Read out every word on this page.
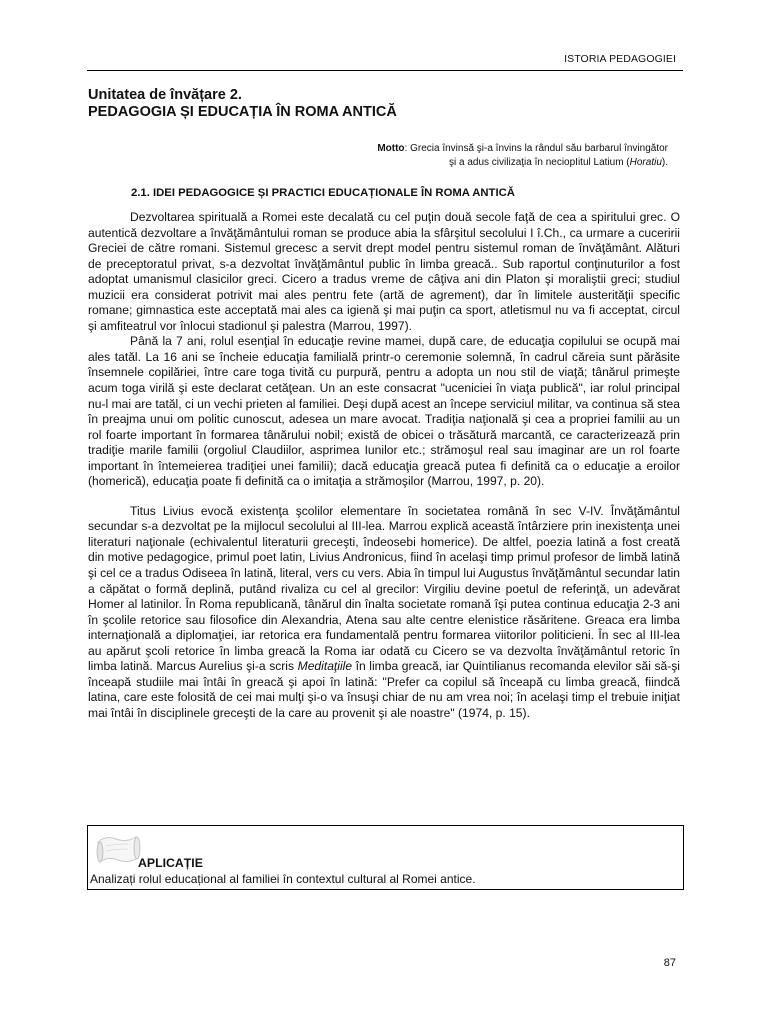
ISTORIA PEDAGOGIEI
Unitatea de învățare 2.
PEDAGOGIA ȘI EDUCAȚIA ÎN ROMA ANTICĂ
Motto: Grecia învinsă şi-a învins la rândul său barbarul învingător
şi a adus civilizaţia în neciopIitul Latium (Horatiu).
2.1. IDEI PEDAGOGICE ȘI PRACTICI EDUCAȚIONALE ÎN ROMA ANTICĂ

Dezvoltarea spirituală a Romei este decalată cu cel puţin două secole faţă de cea a spiritului grec. O autentică dezvoltare a învăţământului roman se produce abia la sfârşitul secolului I î.Ch., ca urmare a cuceririi Greciei de către romani. Sistemul grecesc a servit drept model pentru sistemul roman de învăţământ. Alături de preceptoratul privat, s-a dezvoltat învăţământul public în limba greacă.. Sub raportul conţinuturilor a fost adoptat umanismul clasicilor greci. Cicero a tradus vreme de câţiva ani din Platon şi moraliştii greci; studiul muzicii era considerat potrivit mai ales pentru fete (artă de agrement), dar în limitele austerităţii specific romane; gimnastica este acceptată mai ales ca igienă şi mai puţin ca sport, atletismul nu va fi acceptat, circul şi amfiteatrul vor înlocui stadionul şi palestra (Marrou, 1997).

Până la 7 ani, rolul esenţial în educaţie revine mamei, după care, de educaţia copilului se ocupă mai ales tatăl. La 16 ani se încheie educaţia familială printr-o ceremonie solemnă, în cadrul căreia sunt părăsite însemnele copilăriei, între care toga tivită cu purpură, pentru a adopta un nou stil de viaţă; tânărul primeşte acum toga virilă şi este declarat cetăţean. Un an este consacrat "uceniciei în viaţa publică", iar rolul principal nu-l mai are tatăl, ci un vechi prieten al familiei. Deşi după acest an începe serviciul militar, va continua să stea în preajma unui om politic cunoscut, adesea un mare avocat. Tradiţia naţională şi cea a propriei familii au un rol foarte important în formarea tânărului nobil; există de obicei o trăsătură marcantă, ce caracterizează prin tradiţie marile familii (orgoliul Claudiilor, asprimea Iunilor etc.; strămoşul real sau imaginar are un rol foarte important în întemeierea tradiţiei unei familii); dacă educaţia greacă putea fi definită ca o educaţie a eroilor (homerică), educaţia poate fi definită ca o imitaţia a strămoşilor (Marrou, 1997, p. 20).

Titus Livius evocă existenţa şcolilor elementare în societatea română în sec V-IV. Învăţământul secundar s-a dezvoltat pe la mijlocul secolului al III-lea. Marrou explică această întârziere prin inexistenţa unei literaturi naţionale (echivalentul literaturii greceşti, îndeosebi homerice). De altfel, poezia latină a fost creată din motive pedagogice, primul poet latin, Livius Andronicus, fiind în acelaşi timp primul profesor de limbă latină şi cel ce a tradus Odiseea în latină, literal, vers cu vers. Abia în timpul lui Augustus învăţământul secundar latin a căpătat o formă deplină, putând rivaliza cu cel al grecilor: Virgiliu devine poetul de referinţă, un adevărat Homer al latinilor. În Roma republicană, tânărul din înalta societate romană îşi putea continua educaţia 2-3 ani în şcolile retorice sau filosofice din Alexandria, Atena sau alte centre elenistice răsăritene. Greaca era limba internaţională a diplomaţiei, iar retorica era fundamentală pentru formarea viitorilor politicieni. În sec al III-lea au apărut şcoli retorice în limba greacă la Roma iar odată cu Cicero se va dezvolta învăţământul retoric în limba latină. Marcus Aurelius şi-a scris Meditaţiile în limba greacă, iar Quintilianus recomanda elevilor săi să-şi înceapă studiile mai întâi în greacă şi apoi în latină: "Prefer ca copilul să înceapă cu limba greacă, fiindcă latina, care este folosită de cei mai mulţi şi-o va însuşi chiar de nu am vrea noi; în acelaşi timp el trebuie iniţiat mai întâi în disciplinele greceşti de la care au provenit şi ale noastre" (1974, p. 15).

APLICAȚIE
Analizați rolul educațional al familiei în contextul cultural al Romei antice.
87
